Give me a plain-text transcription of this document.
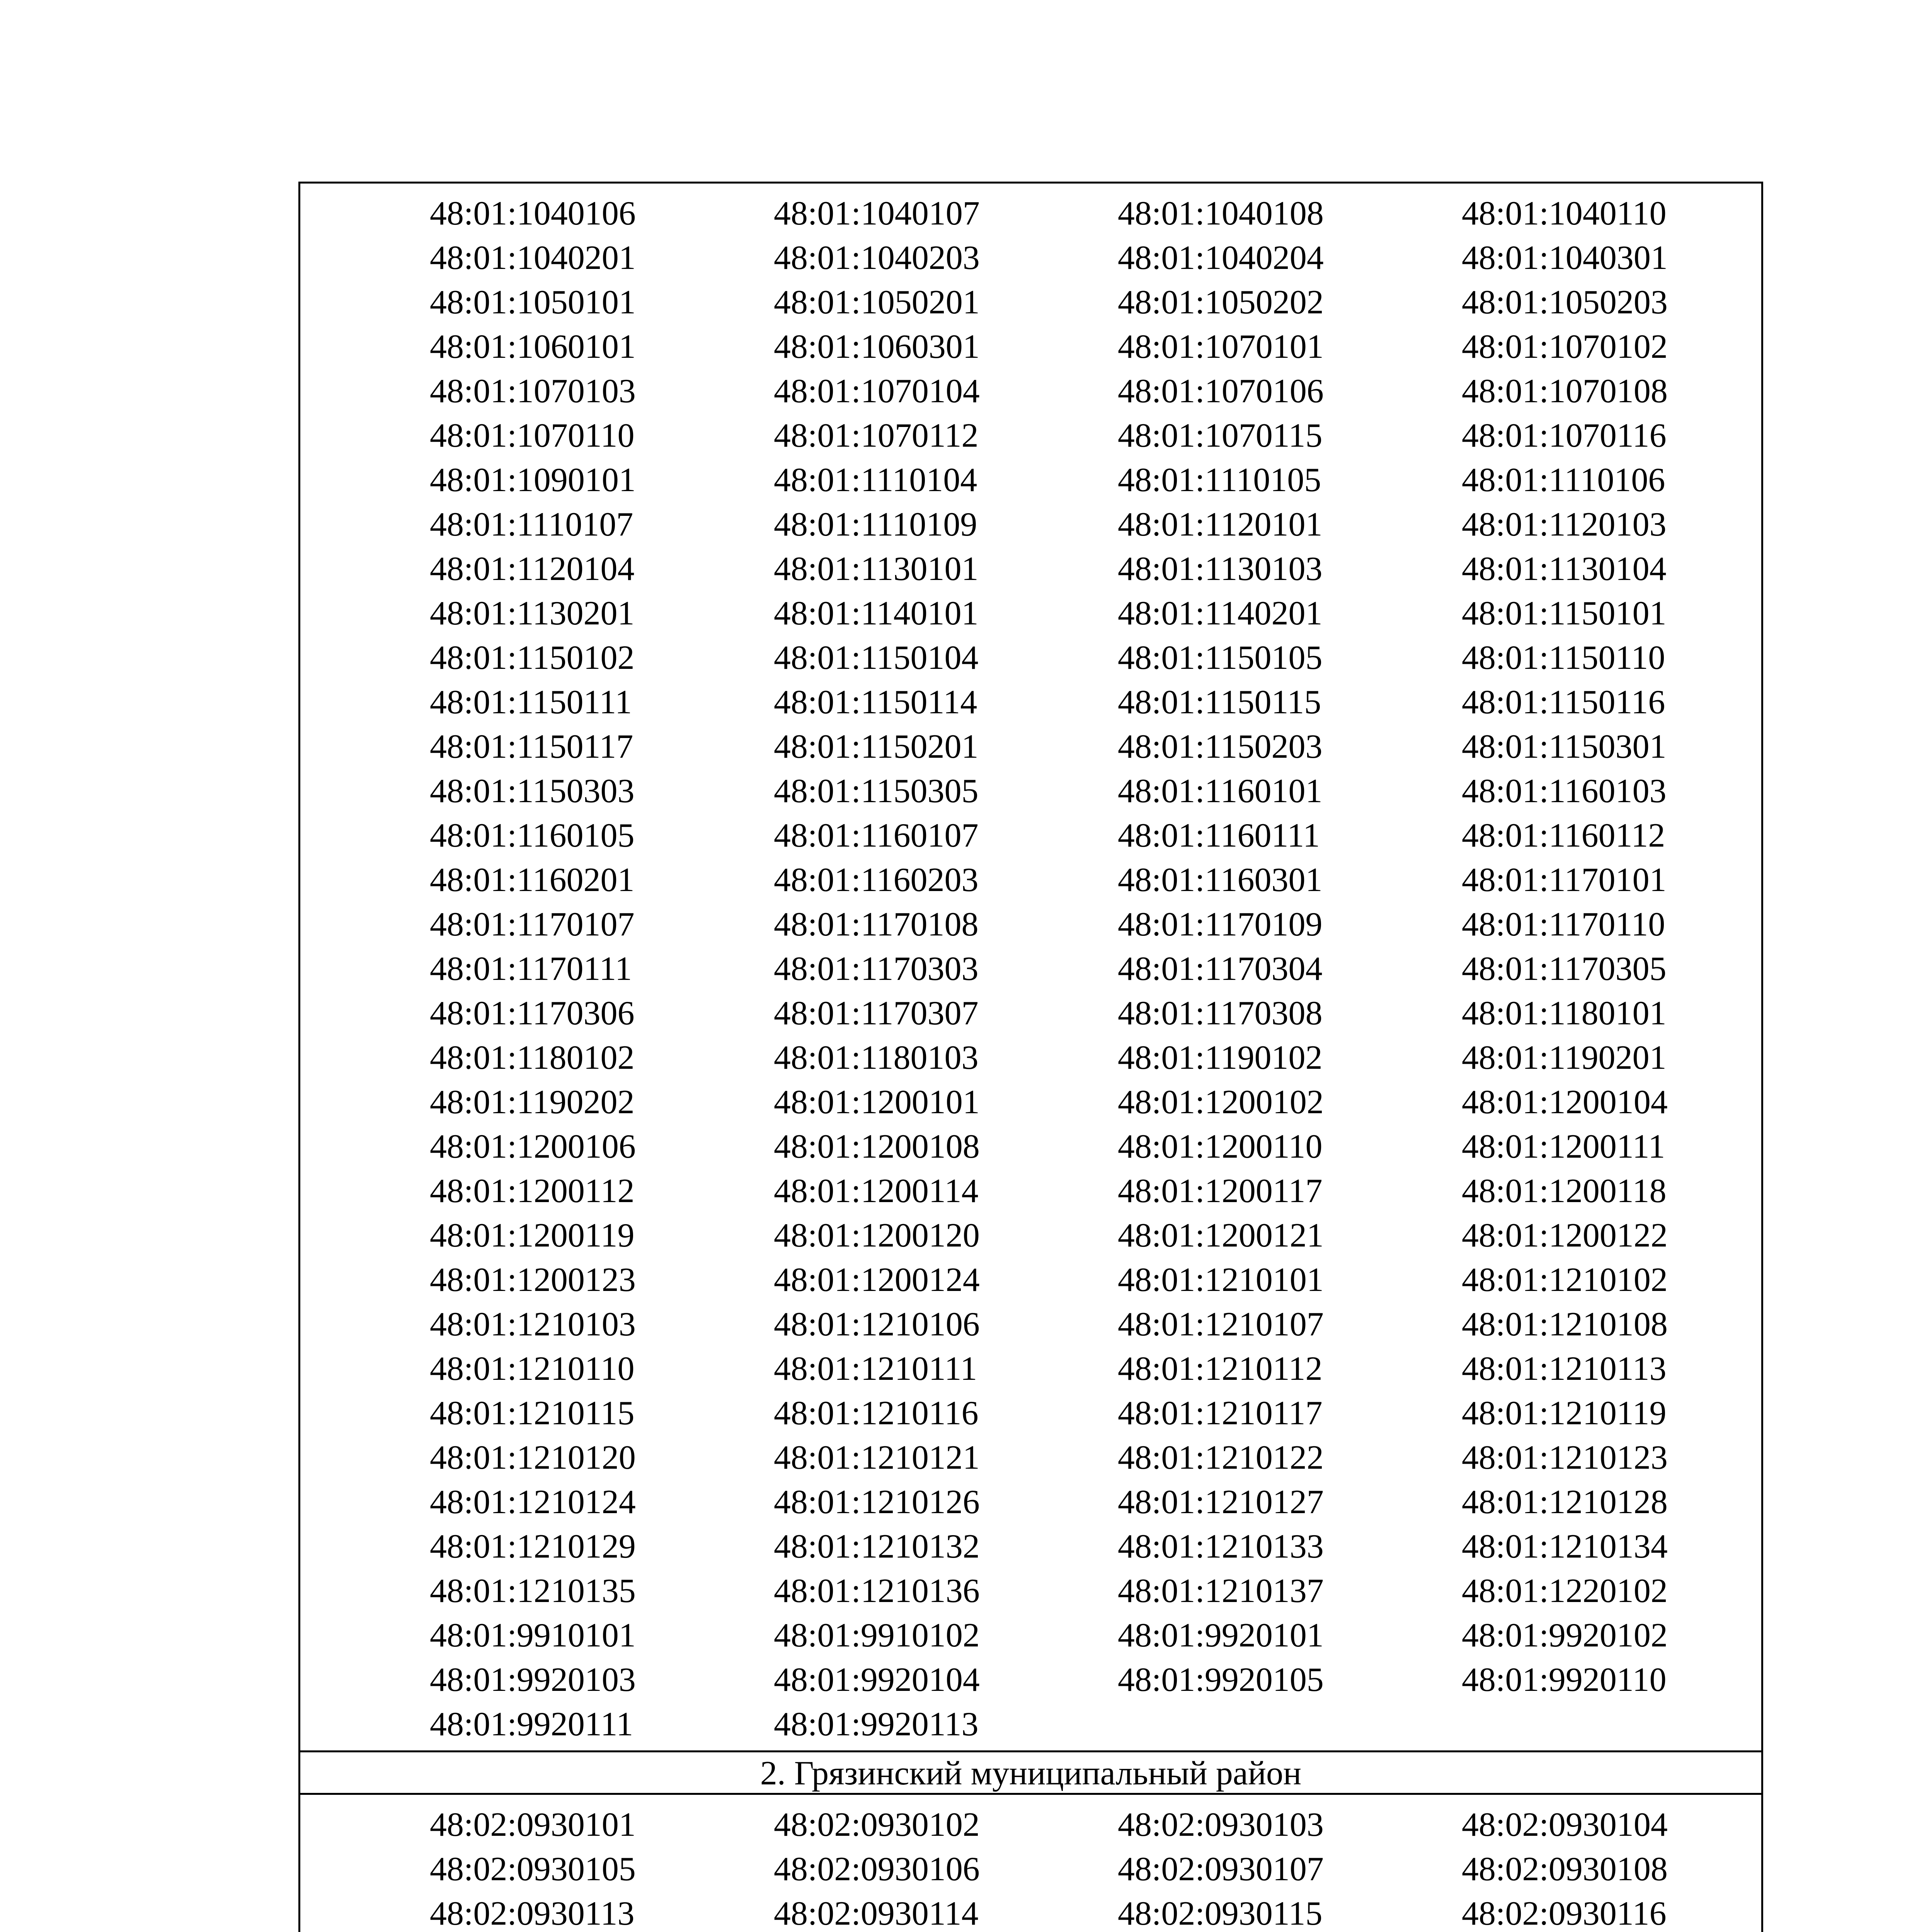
48:01:1040106	48:01:1040107	48:01:1040108	48:01:1040110
48:01:1040201	48:01:1040203	48:01:1040204	48:01:1040301
48:01:1050101	48:01:1050201	48:01:1050202	48:01:1050203
48:01:1060101	48:01:1060301	48:01:1070101	48:01:1070102
48:01:1070103	48:01:1070104	48:01:1070106	48:01:1070108
48:01:1070110	48:01:1070112	48:01:1070115	48:01:1070116
48:01:1090101	48:01:1110104	48:01:1110105	48:01:1110106
48:01:1110107	48:01:1110109	48:01:1120101	48:01:1120103
48:01:1120104	48:01:1130101	48:01:1130103	48:01:1130104
48:01:1130201	48:01:1140101	48:01:1140201	48:01:1150101
48:01:1150102	48:01:1150104	48:01:1150105	48:01:1150110
48:01:1150111	48:01:1150114	48:01:1150115	48:01:1150116
48:01:1150117	48:01:1150201	48:01:1150203	48:01:1150301
48:01:1150303	48:01:1150305	48:01:1160101	48:01:1160103
48:01:1160105	48:01:1160107	48:01:1160111	48:01:1160112
48:01:1160201	48:01:1160203	48:01:1160301	48:01:1170101
48:01:1170107	48:01:1170108	48:01:1170109	48:01:1170110
48:01:1170111	48:01:1170303	48:01:1170304	48:01:1170305
48:01:1170306	48:01:1170307	48:01:1170308	48:01:1180101
48:01:1180102	48:01:1180103	48:01:1190102	48:01:1190201
48:01:1190202	48:01:1200101	48:01:1200102	48:01:1200104
48:01:1200106	48:01:1200108	48:01:1200110	48:01:1200111
48:01:1200112	48:01:1200114	48:01:1200117	48:01:1200118
48:01:1200119	48:01:1200120	48:01:1200121	48:01:1200122
48:01:1200123	48:01:1200124	48:01:1210101	48:01:1210102
48:01:1210103	48:01:1210106	48:01:1210107	48:01:1210108
48:01:1210110	48:01:1210111	48:01:1210112	48:01:1210113
48:01:1210115	48:01:1210116	48:01:1210117	48:01:1210119
48:01:1210120	48:01:1210121	48:01:1210122	48:01:1210123
48:01:1210124	48:01:1210126	48:01:1210127	48:01:1210128
48:01:1210129	48:01:1210132	48:01:1210133	48:01:1210134
48:01:1210135	48:01:1210136	48:01:1210137	48:01:1220102
48:01:9910101	48:01:9910102	48:01:9920101	48:01:9920102
48:01:9920103	48:01:9920104	48:01:9920105	48:01:9920110
48:01:9920111	48:01:9920113
2. Грязинский муниципальный район
48:02:0930101	48:02:0930102	48:02:0930103	48:02:0930104
48:02:0930105	48:02:0930106	48:02:0930107	48:02:0930108
48:02:0930113	48:02:0930114	48:02:0930115	48:02:0930116
